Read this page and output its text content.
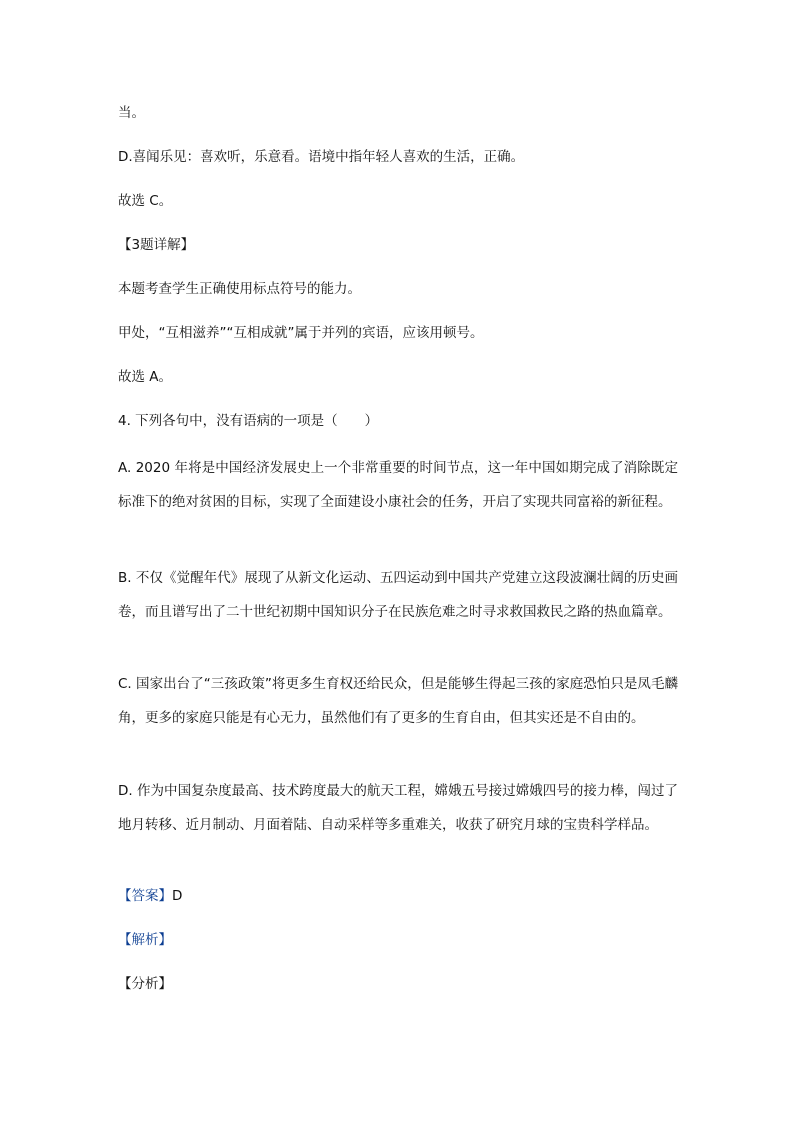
当。
D.喜闻乐见：喜欢听，乐意看。语境中指年轻人喜欢的生活，正确。
故选 C。
【3题详解】
本题考查学生正确使用标点符号的能力。
甲处，“互相滋养”“互相成就”属于并列的宾语，应该用顿号。
故选 A。
4. 下列各句中，没有语病的一项是（　　）
A. 2020 年将是中国经济发展史上一个非常重要的时间节点，这一年中国如期完成了消除既定标准下的绝对贫困的目标，实现了全面建设小康社会的任务，开启了实现共同富裕的新征程。
B. 不仅《觉醒年代》展现了从新文化运动、五四运动到中国共产党建立这段波澜壮阔的历史画卷，而且谱写出了二十世纪初期中国知识分子在民族危难之时寻求救国救民之路的热血篇章。
C. 国家出台了“三孩政策”将更多生育权还给民众，但是能够生得起三孩的家庭恐怕只是凤毛麟角，更多的家庭只能是有心无力，虽然他们有了更多的生育自由，但其实还是不自由的。
D. 作为中国复杂度最高、技术跨度最大的航天工程，嫦娥五号接过嫦娥四号的接力棒，闯过了地月转移、近月制动、月面着陆、自动采样等多重难关，收获了研究月球的宝贵科学样品。
【答案】D
【解析】
【分析】
